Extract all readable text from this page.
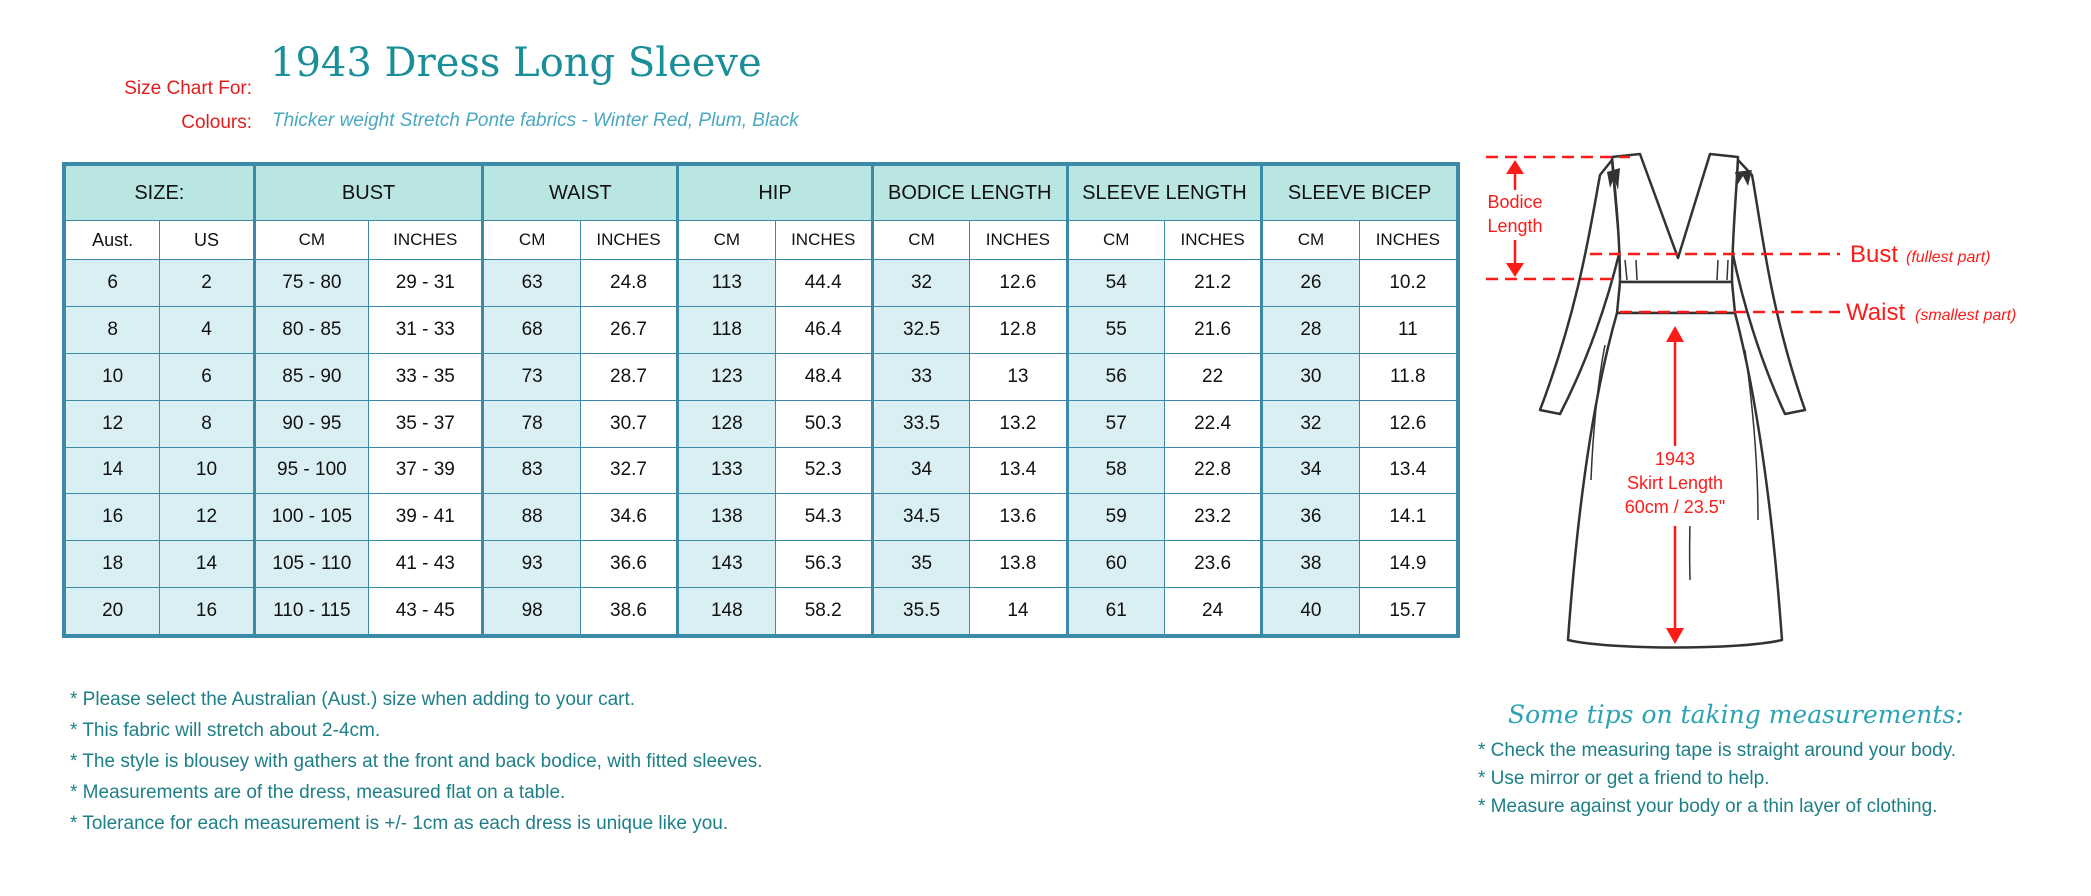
Size Chart For:
Colours:
1943 Dress Long Sleeve
Thicker weight Stretch Ponte fabrics - Winter Red, Plum, Black
SIZE:		BUST		WAIST		HIP		BODICE LENGTH		SLEEVE LENGTH		SLEEVE BICEP	
Aust.	US	CM	INCHES	CM	INCHES	CM	INCHES	CM	INCHES	CM	INCHES	CM	INCHES
6	2	75 - 80	29 - 31	63	24.8	113	44.4	32	12.6	54	21.2	26	10.2
8	4	80 - 85	31 - 33	68	26.7	118	46.4	32.5	12.8	55	21.6	28	11
10	6	85 - 90	33 - 35	73	28.7	123	48.4	33	13	56	22	30	11.8
12	8	90 - 95	35 - 37	78	30.7	128	50.3	33.5	13.2	57	22.4	32	12.6
14	10	95 - 100	37 - 39	83	32.7	133	52.3	34	13.4	58	22.8	34	13.4
16	12	100 - 105	39 - 41	88	34.6	138	54.3	34.5	13.6	59	23.2	36	14.1
18	14	105 - 110	41 - 43	93	36.6	143	56.3	35	13.8	60	23.6	38	14.9
20	16	110 - 115	43 - 45	98	38.6	148	58.2	35.5	14	61	24	40	15.7
* Please select the Australian (Aust.) size when adding to your cart.
* This fabric will stretch about 2-4cm.
* The style is blousey with gathers at the front and back bodice, with fitted sleeves.
* Measurements are of the dress, measured flat on a table.
* Tolerance for each measurement is +/- 1cm as each dress is unique like you.
Some tips on taking measurements:
* Check the measuring tape is straight around your body.
* Use mirror or get a friend to help.
* Measure against your body or a thin layer of clothing.
Bodice
Length
1943
Skirt Length
60cm / 23.5"
Bust (fullest part)
Waist (smallest part)
